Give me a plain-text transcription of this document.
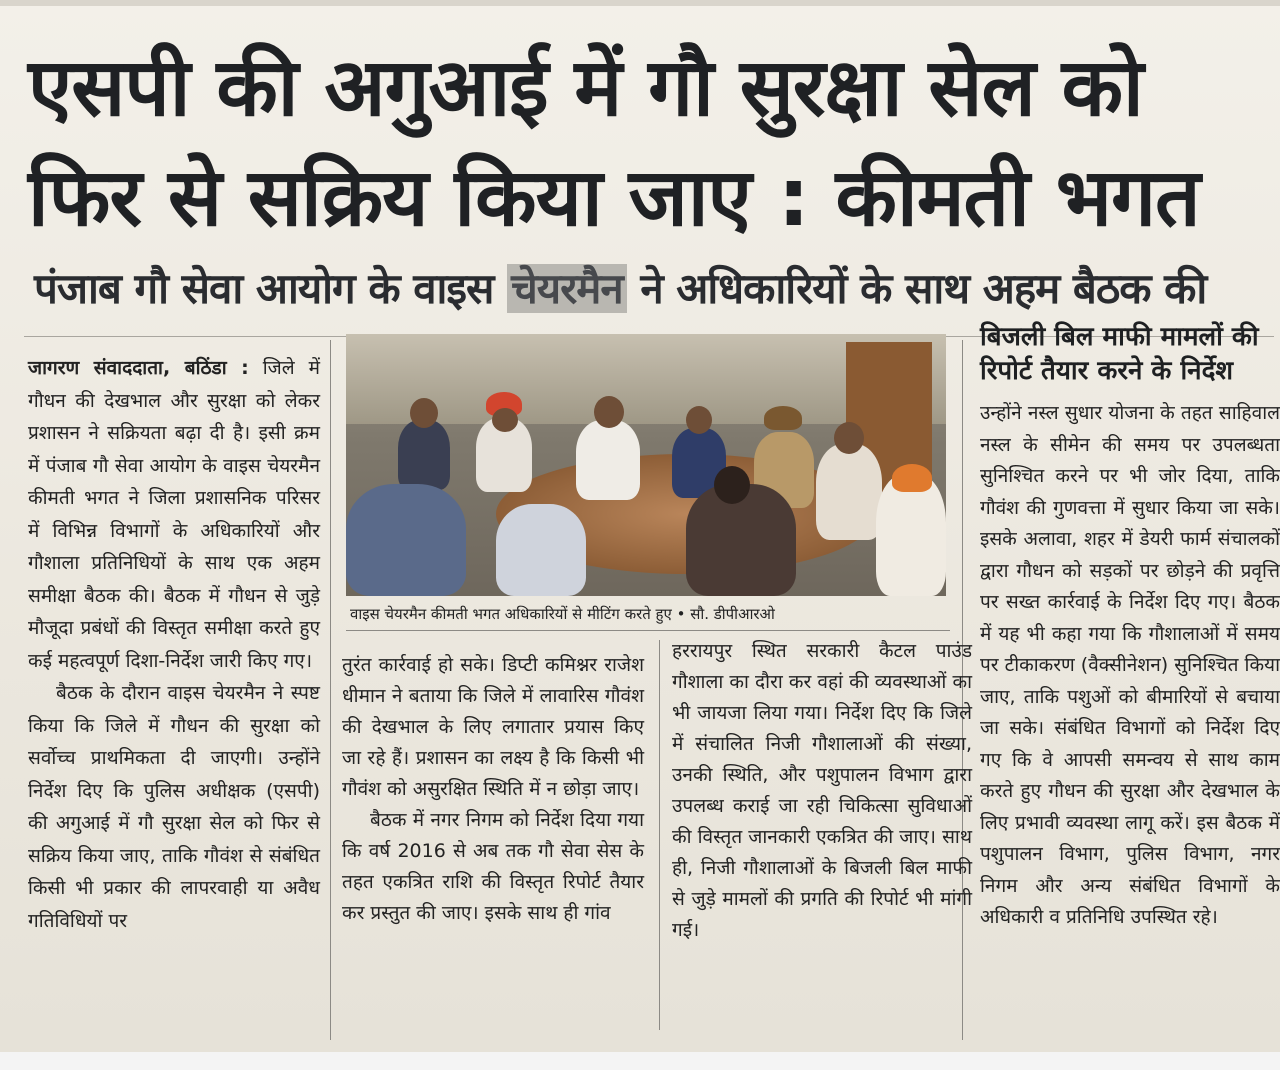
एसपी की अगुआई में गौ सुरक्षा सेल को
फिर से सक्रिय किया जाए : कीमती भगत
पंजाब गौ सेवा आयोग के वाइस चेयरमैन ने अधिकारियों के साथ अहम बैठक की

जागरण संवाददाता, बठिंडा : जिले में गौधन की देखभाल और सुरक्षा को लेकर प्रशासन ने सक्रियता बढ़ा दी है। इसी क्रम में पंजाब गौ सेवा आयोग के वाइस चेयरमैन कीमती भगत ने जिला प्रशासनिक परिसर में विभिन्न विभागों के अधिकारियों और गौशाला प्रतिनिधियों के साथ एक अहम समीक्षा बैठक की। बैठक में गौधन से जुड़े मौजूदा प्रबंधों की विस्तृत समीक्षा करते हुए कई महत्वपूर्ण दिशा-निर्देश जारी किए गए।

बैठक के दौरान वाइस चेयरमैन ने स्पष्ट किया कि जिले में गौधन की सुरक्षा को सर्वोच्च प्राथमिकता दी जाएगी। उन्होंने निर्देश दिए कि पुलिस अधीक्षक (एसपी) की अगुआई में गौ सुरक्षा सेल को फिर से सक्रिय किया जाए, ताकि गौवंश से संबंधित किसी भी प्रकार की लापरवाही या अवैध गतिविधियों पर

वाइस चेयरमैन कीमती भगत अधिकारियों से मीटिंग करते हुए • सौ. डीपीआरओ

तुरंत कार्रवाई हो सके। डिप्टी कमिश्नर राजेश धीमान ने बताया कि जिले में लावारिस गौवंश की देखभाल के लिए लगातार प्रयास किए जा रहे हैं। प्रशासन का लक्ष्य है कि किसी भी गौवंश को असुरक्षित स्थिति में न छोड़ा जाए।

बैठक में नगर निगम को निर्देश दिया गया कि वर्ष 2016 से अब तक गौ सेवा सेस के तहत एकत्रित राशि की विस्तृत रिपोर्ट तैयार कर प्रस्तुत की जाए। इसके साथ ही गांव

हररायपुर स्थित सरकारी कैटल पाउंड गौशाला का दौरा कर वहां की व्यवस्थाओं का भी जायजा लिया गया। निर्देश दिए कि जिले में संचालित निजी गौशालाओं की संख्या, उनकी स्थिति, और पशुपालन विभाग द्वारा उपलब्ध कराई जा रही चिकित्सा सुविधाओं की विस्तृत जानकारी एकत्रित की जाए। साथ ही, निजी गौशालाओं के बिजली बिल माफी से जुड़े मामलों की प्रगति की रिपोर्ट भी मांगी गई।

बिजली बिल माफी मामलों की रिपोर्ट तैयार करने के निर्देश

उन्होंने नस्ल सुधार योजना के तहत साहिवाल नस्ल के सीमेन की समय पर उपलब्धता सुनिश्चित करने पर भी जोर दिया, ताकि गौवंश की गुणवत्ता में सुधार किया जा सके। इसके अलावा, शहर में डेयरी फार्म संचालकों द्वारा गौधन को सड़कों पर छोड़ने की प्रवृत्ति पर सख्त कार्रवाई के निर्देश दिए गए। बैठक में यह भी कहा गया कि गौशालाओं में समय पर टीकाकरण (वैक्सीनेशन) सुनिश्चित किया जाए, ताकि पशुओं को बीमारियों से बचाया जा सके। संबंधित विभागों को निर्देश दिए गए कि वे आपसी समन्वय से साथ काम करते हुए गौधन की सुरक्षा और देखभाल के लिए प्रभावी व्यवस्था लागू करें। इस बैठक में पशुपालन विभाग, पुलिस विभाग, नगर निगम और अन्य संबंधित विभागों के अधिकारी व प्रतिनिधि उपस्थित रहे।
